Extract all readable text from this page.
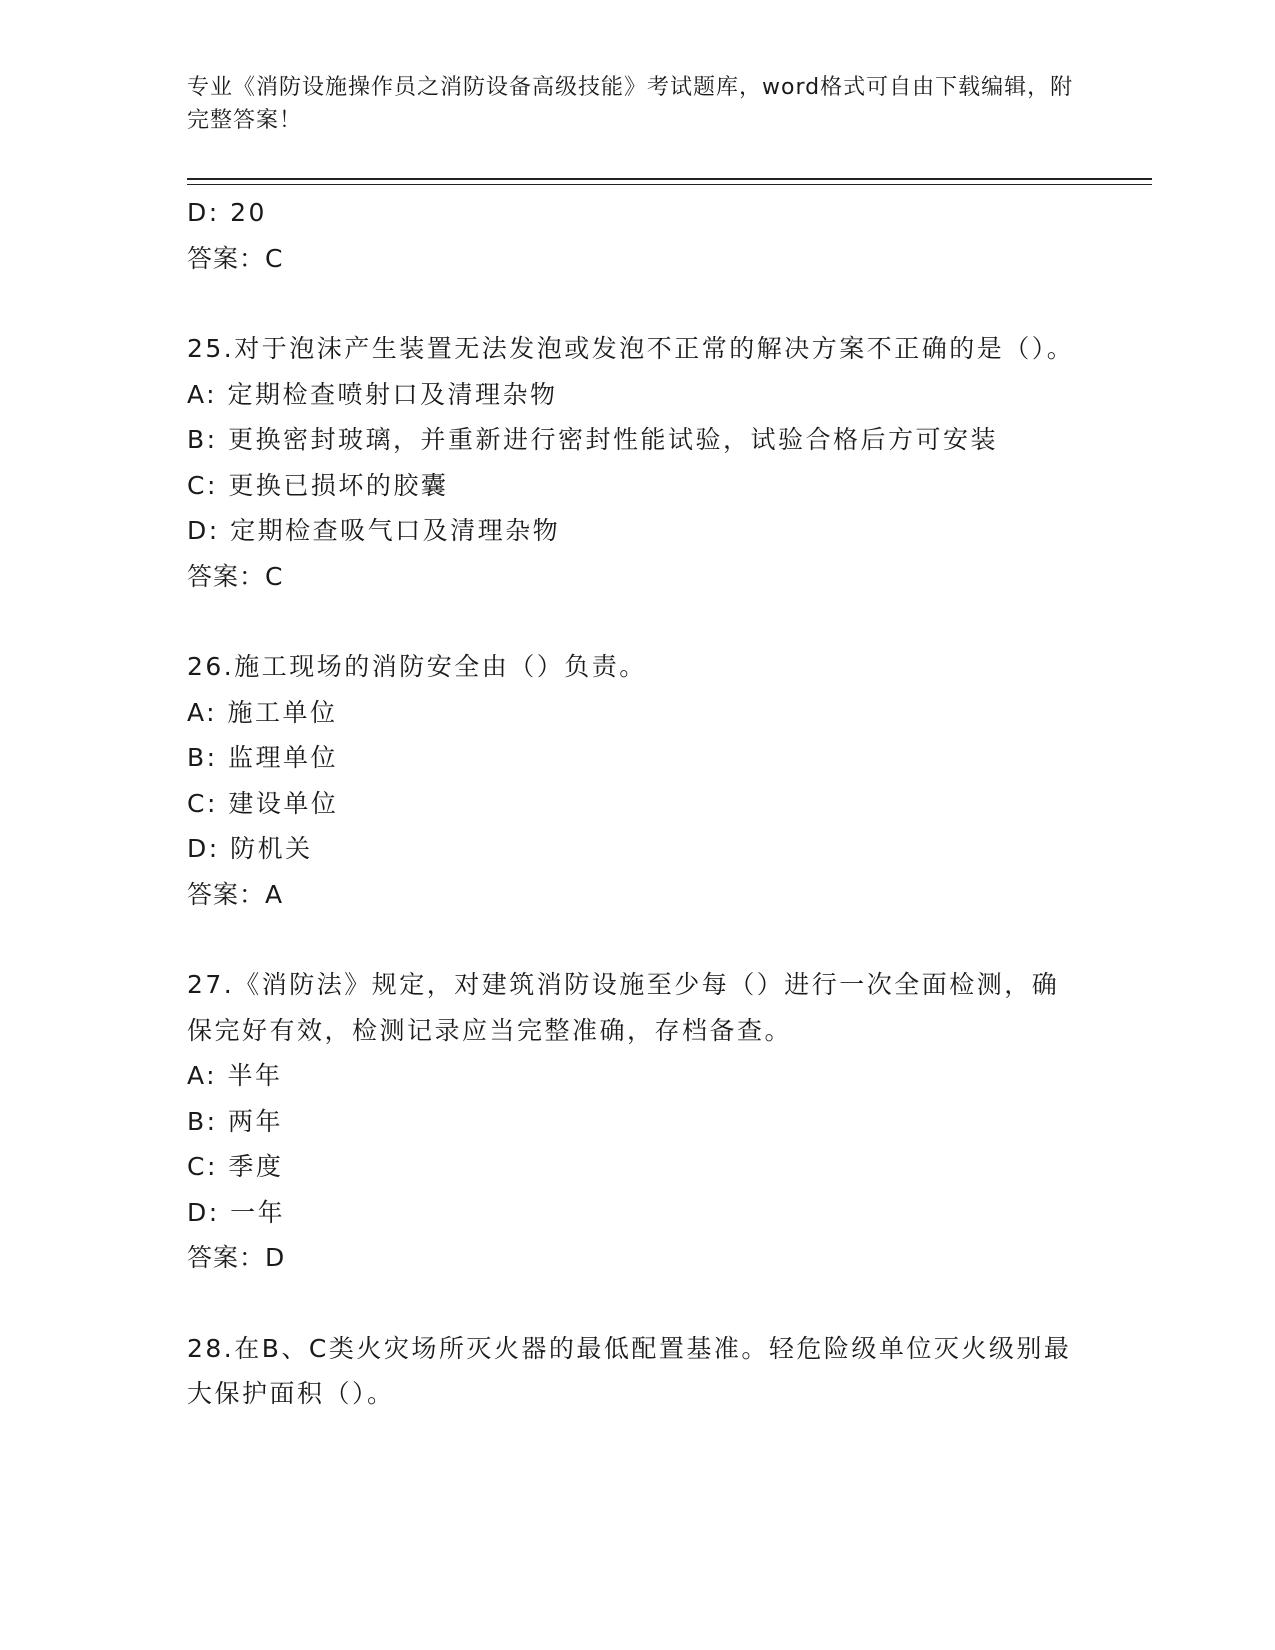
专业《消防设施操作员之消防设备高级技能》考试题库，word格式可自由下载编辑，附完整答案！
D: 20
答案：C
25.对于泡沫产生装置无法发泡或发泡不正常的解决方案不正确的是（）。
A: 定期检查喷射口及清理杂物
B: 更换密封玻璃，并重新进行密封性能试验，试验合格后方可安装
C: 更换已损坏的胶囊
D: 定期检查吸气口及清理杂物
答案：C
26.施工现场的消防安全由（）负责。
A: 施工单位
B: 监理单位
C: 建设单位
D: 防机关
答案：A
27.《消防法》规定，对建筑消防设施至少每（）进行一次全面检测，确保完好有效，检测记录应当完整准确，存档备查。
A: 半年
B: 两年
C: 季度
D: 一年
答案：D
28.在B、C类火灾场所灭火器的最低配置基准。轻危险级单位灭火级别最大保护面积（）。
